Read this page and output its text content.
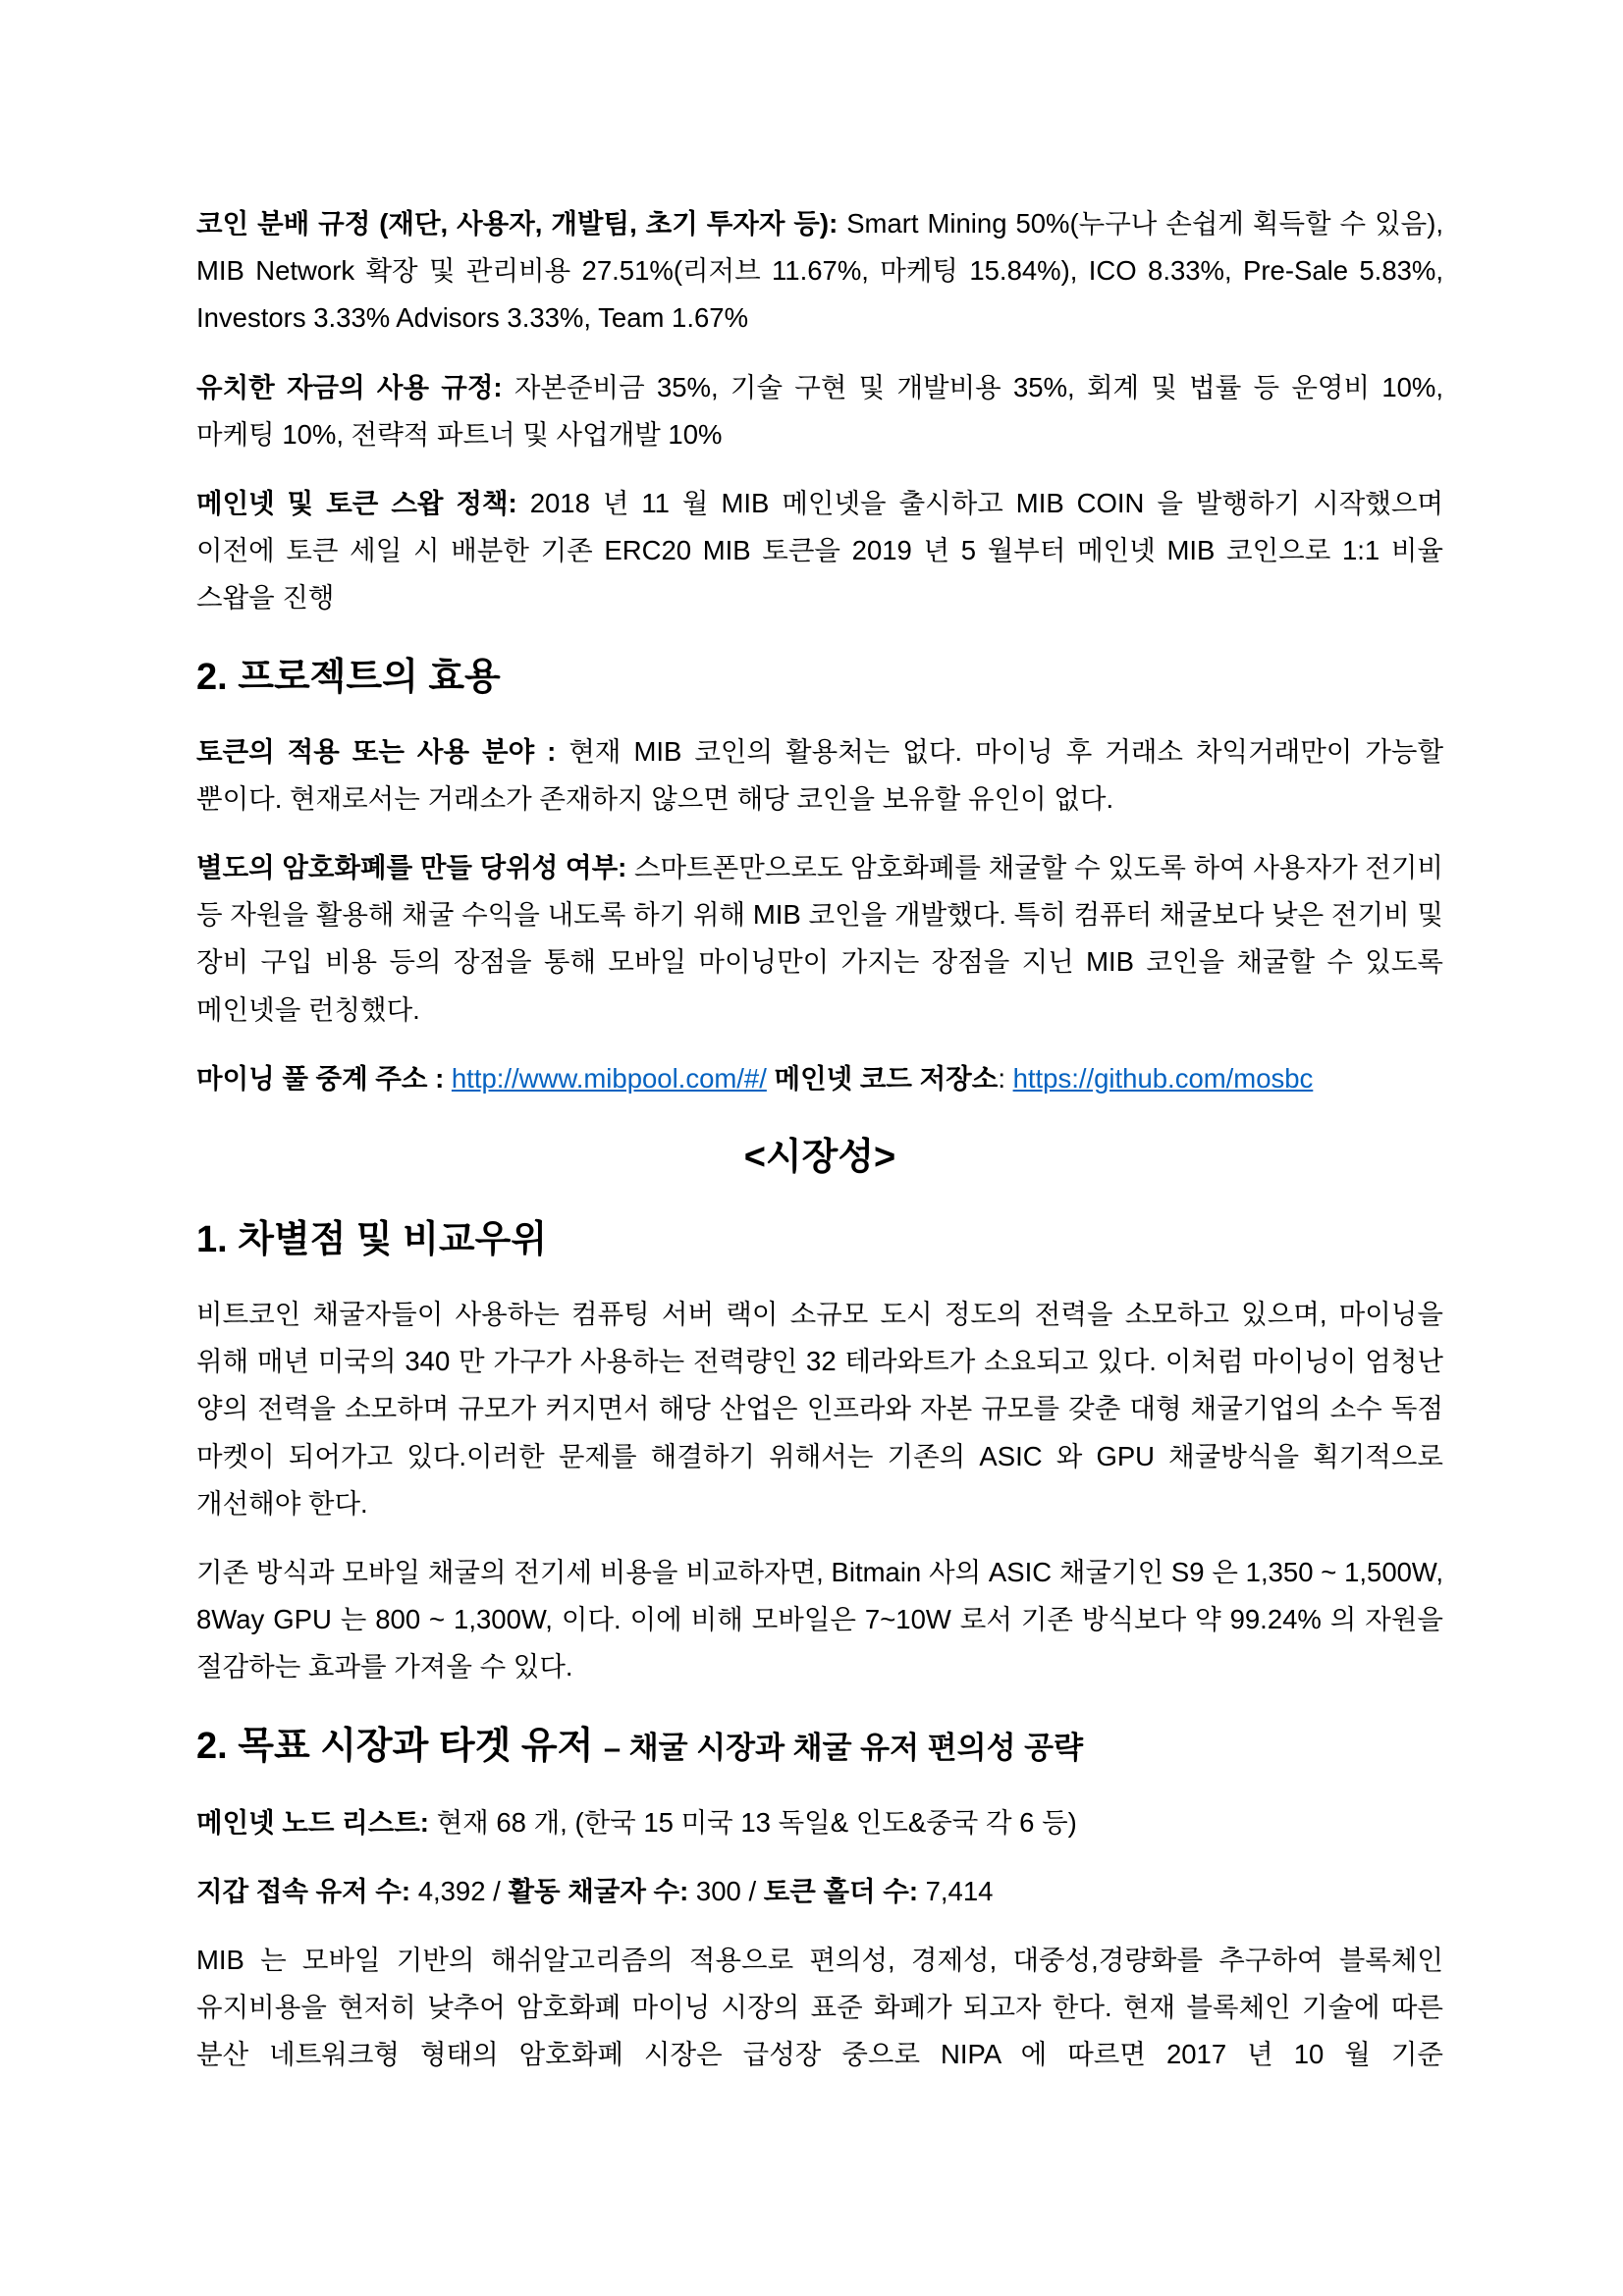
코인 분배 규정 (재단, 사용자, 개발팀, 초기 투자자 등): Smart Mining 50%(누구나 손쉽게 획득할 수 있음), MIB Network 확장 및 관리비용 27.51%(리저브 11.67%, 마케팅 15.84%), ICO 8.33%, Pre-Sale 5.83%, Investors 3.33% Advisors 3.33%, Team 1.67%

유치한 자금의 사용 규정: 자본준비금 35%, 기술 구현 및 개발비용 35%, 회계 및 법률 등 운영비 10%, 마케팅 10%, 전략적 파트너 및 사업개발 10%

메인넷 및 토큰 스왑 정책: 2018 년 11 월 MIB 메인넷을 출시하고 MIB COIN 을 발행하기 시작했으며 이전에 토큰 세일 시 배분한 기존 ERC20 MIB 토큰을 2019 년 5 월부터 메인넷 MIB 코인으로 1:1 비율 스왑을 진행

2. 프로젝트의 효용

토큰의 적용 또는 사용 분야 : 현재 MIB 코인의 활용처는 없다. 마이닝 후 거래소 차익거래만이 가능할 뿐이다. 현재로서는 거래소가 존재하지 않으면 해당 코인을 보유할 유인이 없다.

별도의 암호화폐를 만들 당위성 여부: 스마트폰만으로도 암호화폐를 채굴할 수 있도록 하여 사용자가 전기비 등 자원을 활용해 채굴 수익을 내도록 하기 위해 MIB 코인을 개발했다. 특히 컴퓨터 채굴보다 낮은 전기비 및 장비 구입 비용 등의 장점을 통해 모바일 마이닝만이 가지는 장점을 지닌 MIB 코인을 채굴할 수 있도록 메인넷을 런칭했다.

마이닝 풀 중계 주소 : http://www.mibpool.com/#/ 메인넷 코드 저장소: https://github.com/mosbc

<시장성>
1. 차별점 및 비교우위

비트코인 채굴자들이 사용하는 컴퓨팅 서버 랙이 소규모 도시 정도의 전력을 소모하고 있으며, 마이닝을 위해 매년 미국의 340 만 가구가 사용하는 전력량인 32 테라와트가 소요되고 있다. 이처럼 마이닝이 엄청난 양의 전력을 소모하며 규모가 커지면서 해당 산업은 인프라와 자본 규모를 갖춘 대형 채굴기업의 소수 독점 마켓이 되어가고 있다.이러한 문제를 해결하기 위해서는 기존의 ASIC 와 GPU 채굴방식을 획기적으로 개선해야 한다.

기존 방식과 모바일 채굴의 전기세 비용을 비교하자면, Bitmain 사의 ASIC 채굴기인 S9 은 1,350 ~ 1,500W, 8Way GPU 는 800 ~ 1,300W, 이다. 이에 비해 모바일은 7~10W 로서 기존 방식보다 약 99.24% 의 자원을 절감하는 효과를 가져올 수 있다.

2. 목표 시장과 타겟 유저 – 채굴 시장과 채굴 유저 편의성 공략

메인넷 노드 리스트: 현재 68 개, (한국 15 미국 13 독일& 인도&중국 각 6 등)

지갑 접속 유저 수: 4,392 / 활동 채굴자 수: 300 / 토큰 홀더 수: 7,414

MIB 는 모바일 기반의 해쉬알고리즘의 적용으로 편의성, 경제성, 대중성,경량화를 추구하여 블록체인 유지비용을 현저히 낮추어 암호화폐 마이닝 시장의 표준 화폐가 되고자 한다. 현재 블록체인 기술에 따른 분산 네트워크형 형태의 암호화폐 시장은 급성장 중으로 NIPA 에 따르면 2017 년 10 월 기준
